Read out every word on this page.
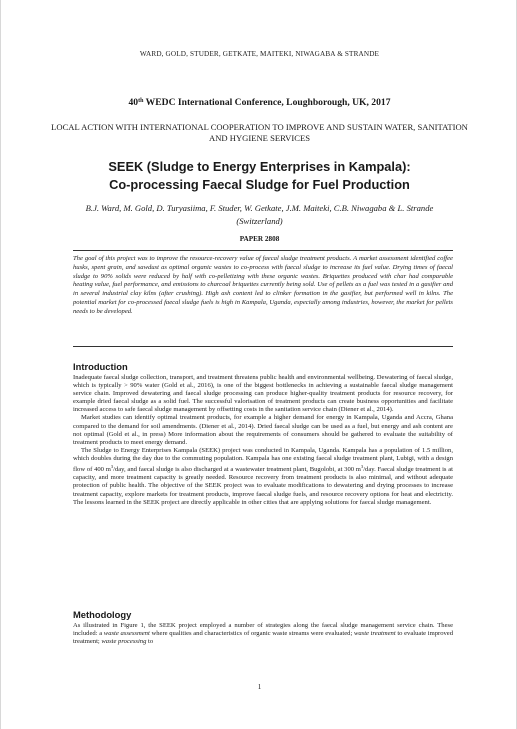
WARD, GOLD, STUDER, GETKATE, MAITEKI, NIWAGABA & STRANDE
40th WEDC International Conference, Loughborough, UK, 2017
LOCAL ACTION WITH INTERNATIONAL COOPERATION TO IMPROVE AND SUSTAIN WATER, SANITATION AND HYGIENE SERVICES
SEEK (Sludge to Energy Enterprises in Kampala):
Co-processing Faecal Sludge for Fuel Production
B.J. Ward, M. Gold, D. Turyasiima, F. Studer, W. Getkate, J.M. Maiteki, C.B. Niwagaba & L. Strande (Switzerland)
PAPER 2808
The goal of this project was to improve the resource-recovery value of faecal sludge treatment products. A market assessment identified coffee husks, spent grain, and sawdust as optimal organic wastes to co-process with faecal sludge to increase its fuel value. Drying times of faecal sludge to 90% solids were reduced by half with co-pelletizing with these organic wastes. Briquettes produced with char had comparable heating value, fuel performance, and emissions to charcoal briquettes currently being sold. Use of pellets as a fuel was tested in a gasifier and in several industrial clay kilns (after crushing). High ash content led to clinker formation in the gasifier, but performed well in kilns. The potential market for co-processed faecal sludge fuels is high in Kampala, Uganda, especially among industries, however, the market for pellets needs to be developed.
Introduction

Inadequate faecal sludge collection, transport, and treatment threatens public health and environmental wellbeing. Dewatering of faecal sludge, which is typically > 90% water (Gold et al., 2016), is one of the biggest bottlenecks in achieving a sustainable faecal sludge management service chain. Improved dewatering and faecal sludge processing can produce higher-quality treatment products for resource recovery, for example dried faecal sludge as a solid fuel. The successful valorisation of treatment products can create business opportunities and facilitate increased access to safe faecal sludge management by offsetting costs in the sanitation service chain (Diener et al., 2014).

Market studies can identify optimal treatment products, for example a higher demand for energy in Kampala, Uganda and Accra, Ghana compared to the demand for soil amendments. (Diener et al., 2014). Dried faecal sludge can be used as a fuel, but energy and ash content are not optimal (Gold et al., in press) More information about the requirements of consumers should be gathered to evaluate the suitability of treatment products to meet energy demand.

The Sludge to Energy Enterprises Kampala (SEEK) project was conducted in Kampala, Uganda. Kampala has a population of 1.5 million, which doubles during the day due to the commuting population. Kampala has one existing faecal sludge treatment plant, Lubigi, with a design flow of 400 $m^3$/day, and faecal sludge is also discharged at a wastewater treatment plant, Bugolobi, at 300 $m^3$/day. Faecal sludge treatment is at capacity, and more treatment capacity is greatly needed. Resource recovery from treatment products is also minimal, and without adequate protection of public health. The objective of the SEEK project was to evaluate modifications to dewatering and drying processes to increase treatment capacity, explore markets for treatment products, improve faecal sludge fuels, and resource recovery options for heat and electricity. The lessons learned in the SEEK project are directly applicable in other cities that are applying solutions for faecal sludge management.

Methodology

As illustrated in Figure 1, the SEEK project employed a number of strategies along the faecal sludge management service chain. These included: a waste assessment where qualities and characteristics of organic waste streams were evaluated; waste treatment to evaluate improved treatment; waste processing to

1
